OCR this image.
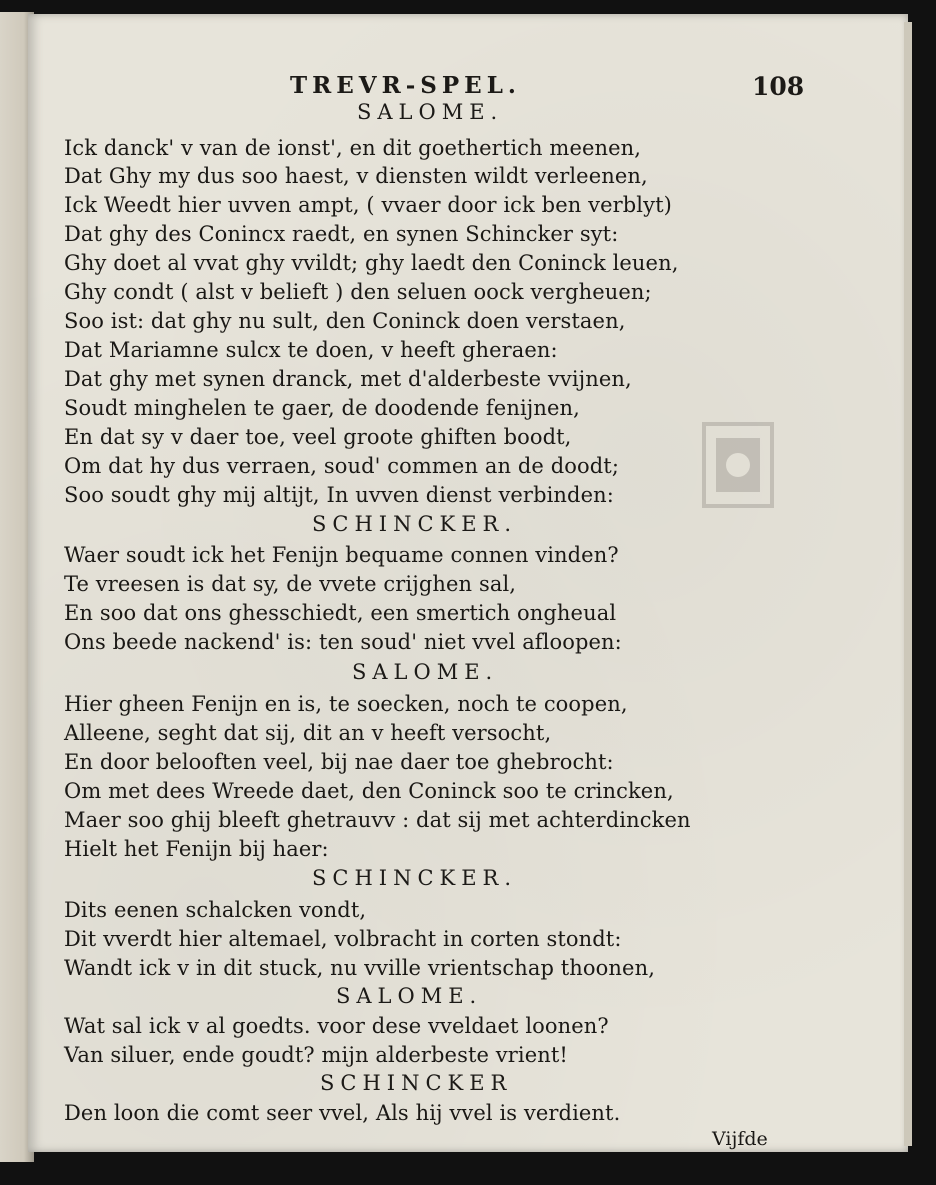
TREVR-SPEL.	108
SALOME.
Ick danck' v van de ionst', en dit goethertich meenen,
Dat Ghy my dus soo haest, v diensten wildt verleenen,
Ick Weedt hier uvven ampt, ( vvaer door ick ben verblyt)
Dat ghy des Conincx raedt, en synen Schincker syt:
Ghy doet al vvat ghy vvildt; ghy laedt den Coninck leuen,
Ghy condt ( alst v belieft ) den seluen oock vergheuen;
Soo ist: dat ghy nu sult, den Coninck doen verstaen,
Dat Mariamne sulcx te doen, v heeft gheraen:
Dat ghy met synen dranck, met d'alderbeste vvijnen,
Soudt minghelen te gaer, de doodende fenijnen,
En dat sy v daer toe, veel groote ghiften boodt,
Om dat hy dus verraen, soud' commen an de doodt;
Soo soudt ghy mij altijt, In uvven dienst verbinden:
SCHINCKER.
Waer soudt ick het Fenijn bequame connen vinden?
Te vreesen is dat sy, de vvete crijghen sal,
En soo dat ons ghesschiedt, een smertich ongheual
Ons beede nackend' is: ten soud' niet vvel afloopen:
SALOME.
Hier gheen Fenijn en is, te soecken, noch te coopen,
Alleene, seght dat sij, dit an v heeft versocht,
En door belooften veel, bij nae daer toe ghebrocht:
Om met dees Wreede daet, den Coninck soo te crincken,
Maer soo ghij bleeft ghetrauvv : dat sij met achterdincken
Hielt het Fenijn bij haer:
SCHINCKER.
Dits eenen schalcken vondt,
Dit vverdt hier altemael, volbracht in corten stondt:
Wandt ick v in dit stuck, nu vville vrientschap thoonen,
SALOME.
Wat sal ick v al goedts. voor dese vveldaet loonen?
Van siluer, ende goudt? mijn alderbeste vrient!
SCHINCKER
Den loon die comt seer vvel, Als hij vvel is verdient.
Vijfde
